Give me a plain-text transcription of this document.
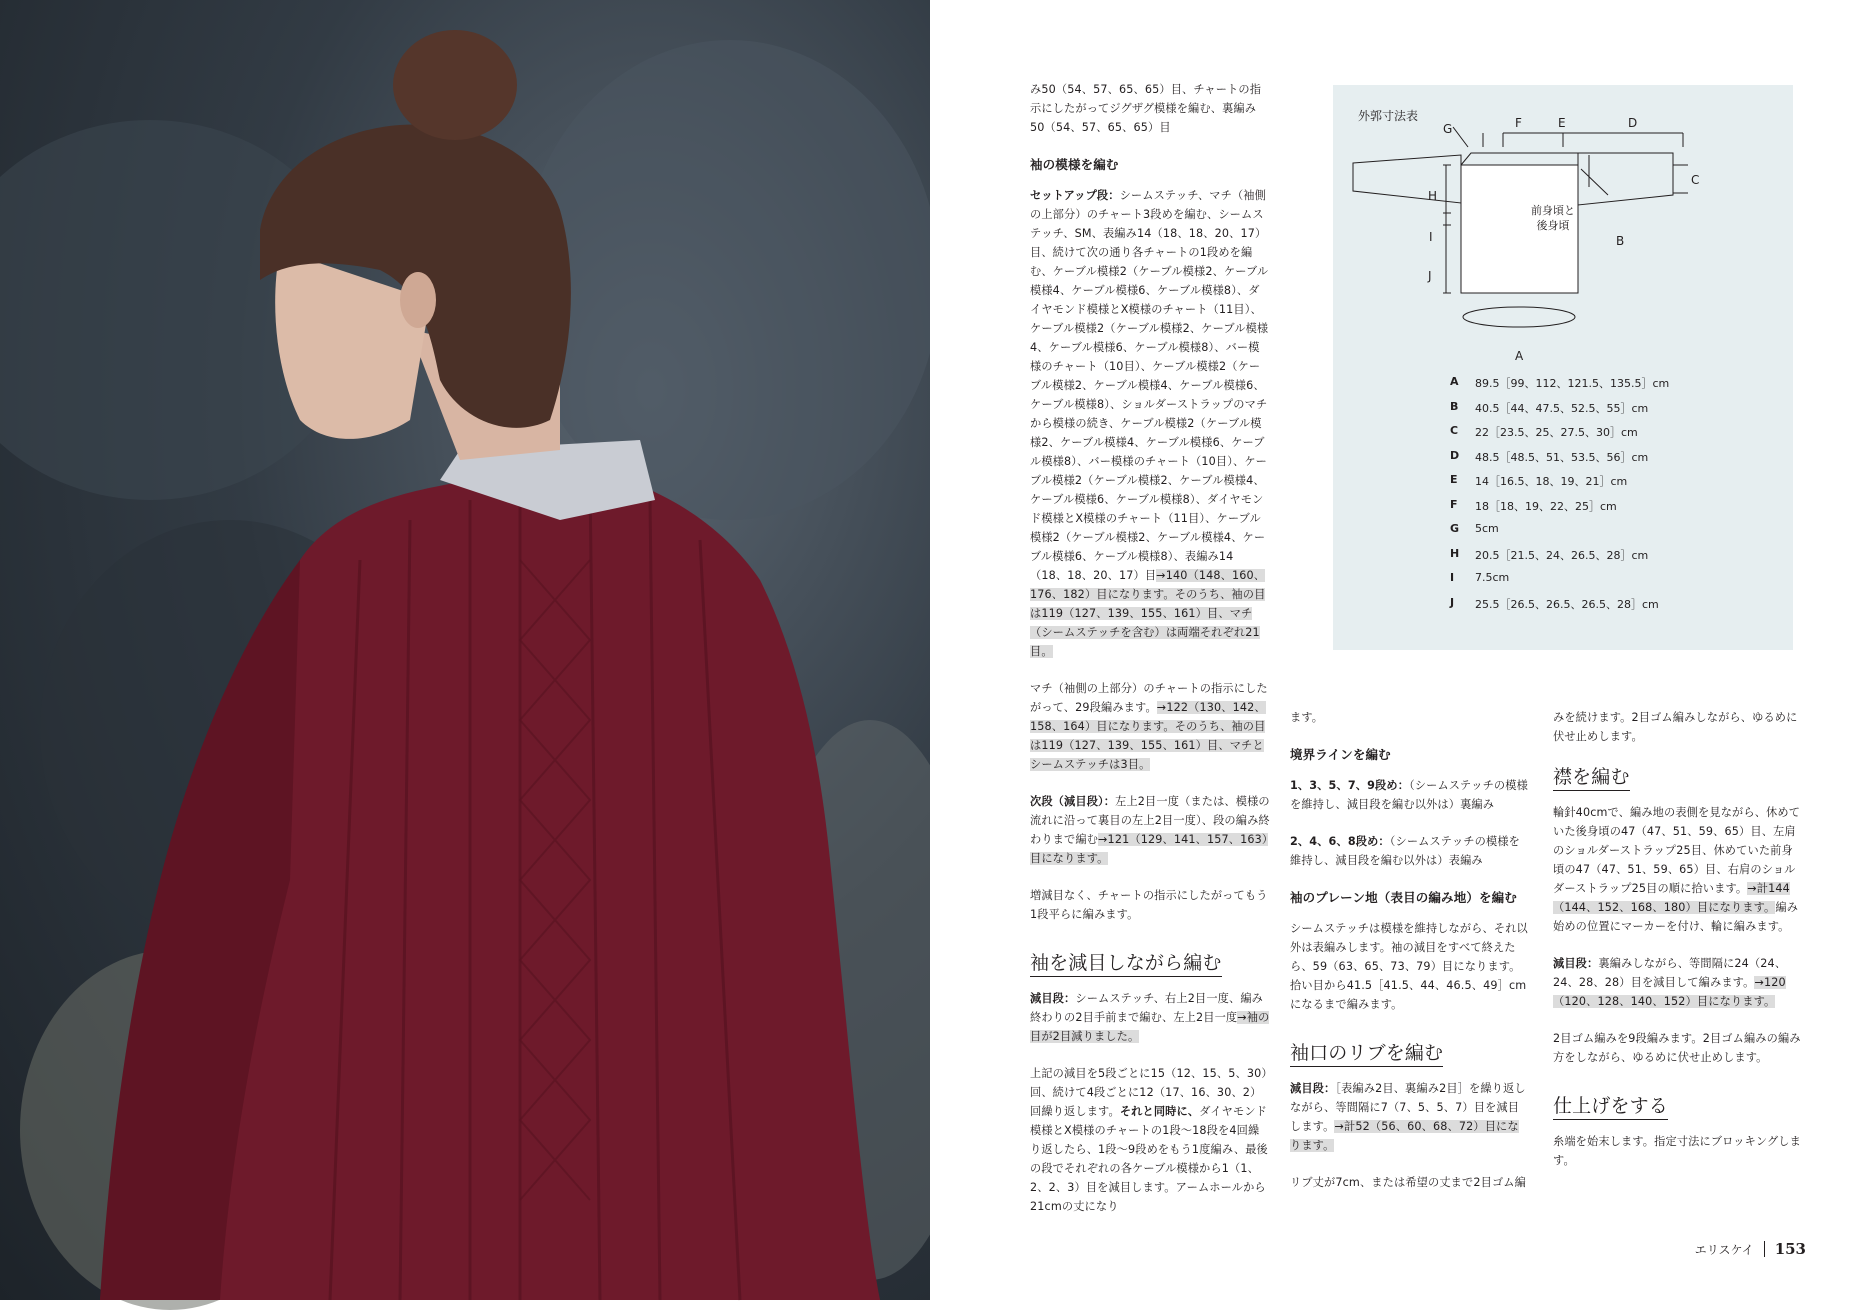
み50（54、57、65、65）目、チャートの指示にしたがってジグザグ模様を編む、裏編み50（54、57、65、65）目

袖の模様を編む

セットアップ段：シームステッチ、マチ（袖側の上部分）のチャート3段めを編む、シームステッチ、SM、表編み14（18、18、20、17）目、続けて次の通り各チャートの1段めを編む、ケーブル模様2（ケーブル模様2、ケーブル模様4、ケーブル模様6、ケーブル模様8）、ダイヤモンド模様とX模様のチャート（11目）、ケーブル模様2（ケーブル模様2、ケーブル模様4、ケーブル模様6、ケーブル模様8）、バー模様のチャート（10目）、ケーブル模様2（ケーブル模様2、ケーブル模様4、ケーブル模様6、ケーブル模様8）、ショルダーストラップのマチから模様の続き、ケーブル模様2（ケーブル模様2、ケーブル模様4、ケーブル模様6、ケーブル模様8）、バー模様のチャート（10目）、ケーブル模様2（ケーブル模様2、ケーブル模様4、ケーブル模様6、ケーブル模様8）、ダイヤモンド模様とX模様のチャート（11目）、ケーブル模様2（ケーブル模様2、ケーブル模様4、ケーブル模様6、ケーブル模様8）、表編み14（18、18、20、17）目→140（148、160、176、182）目になります。そのうち、袖の目は119（127、139、155、161）目、マチ（シームステッチを含む）は両端それぞれ21目。

マチ（袖側の上部分）のチャートの指示にしたがって、29段編みます。→122（130、142、158、164）目になります。そのうち、袖の目は119（127、139、155、161）目、マチとシームステッチは3目。

次段（減目段）：左上2目一度（または、模様の流れに沿って裏目の左上2目一度）、段の編み終わりまで編む→121（129、141、157、163）目になります。

増減目なく、チャートの指示にしたがってもう1段平らに編みます。

袖を減目しながら編む

減目段：シームステッチ、右上2目一度、編み終わりの2目手前まで編む、左上2目一度→袖の目が2目減りました。

上記の減目を5段ごとに15（12、15、5、30）回、続けて4段ごとに12（17、16、30、2）回繰り返します。それと同時に、ダイヤモンド模様とX模様のチャートの1段～18段を4回繰り返したら、1段～9段めをもう1度編み、最後の段でそれぞれの各ケーブル模様から1（1、2、2、3）目を減目します。アームホールから21cmの丈になり

外郭寸法表	F	E	D
G
C
H
I
J
B
A
前身頃と
後身頃
A	89.5［99、112、121.5、135.5］cm
B	40.5［44、47.5、52.5、55］cm
C	22［23.5、25、27.5、30］cm
D	48.5［48.5、51、53.5、56］cm
E	14［16.5、18、19、21］cm
F	18［18、19、22、25］cm
G	5cm
H	20.5［21.5、24、26.5、28］cm
I	7.5cm
J	25.5［26.5、26.5、26.5、28］cm

ます。

境界ラインを編む

1、3、5、7、9段め：（シームステッチの模様を維持し、減目段を編む以外は）裏編み

2、4、6、8段め：（シームステッチの模様を維持し、減目段を編む以外は）表編み

袖のプレーン地（表目の編み地）を編む

シームステッチは模様を維持しながら、それ以外は表編みします。袖の減目をすべて終えたら、59（63、65、73、79）目になります。拾い目から41.5［41.5、44、46.5、49］cmになるまで編みます。

袖口のリブを編む

減目段：［表編み2目、裏編み2目］を繰り返しながら、等間隔に7（7、5、5、7）目を減目します。→計52（56、60、68、72）目になります。

リブ丈が7cm、または希望の丈まで2目ゴム編

みを続けます。2目ゴム編みしながら、ゆるめに伏せ止めします。

襟を編む

輪針40cmで、編み地の表側を見ながら、休めていた後身頃の47（47、51、59、65）目、左肩のショルダーストラップ25目、休めていた前身頃の47（47、51、59、65）目、右肩のショルダーストラップ25目の順に拾います。→計144（144、152、168、180）目になります。編み始めの位置にマーカーを付け、輪に編みます。

減目段：裏編みしながら、等間隔に24（24、24、28、28）目を減目して編みます。→120（120、128、140、152）目になります。

2目ゴム編みを9段編みます。2目ゴム編みの編み方をしながら、ゆるめに伏せ止めします。

仕上げをする

糸端を始末します。指定寸法にブロッキングします。

エリスケイ 153
